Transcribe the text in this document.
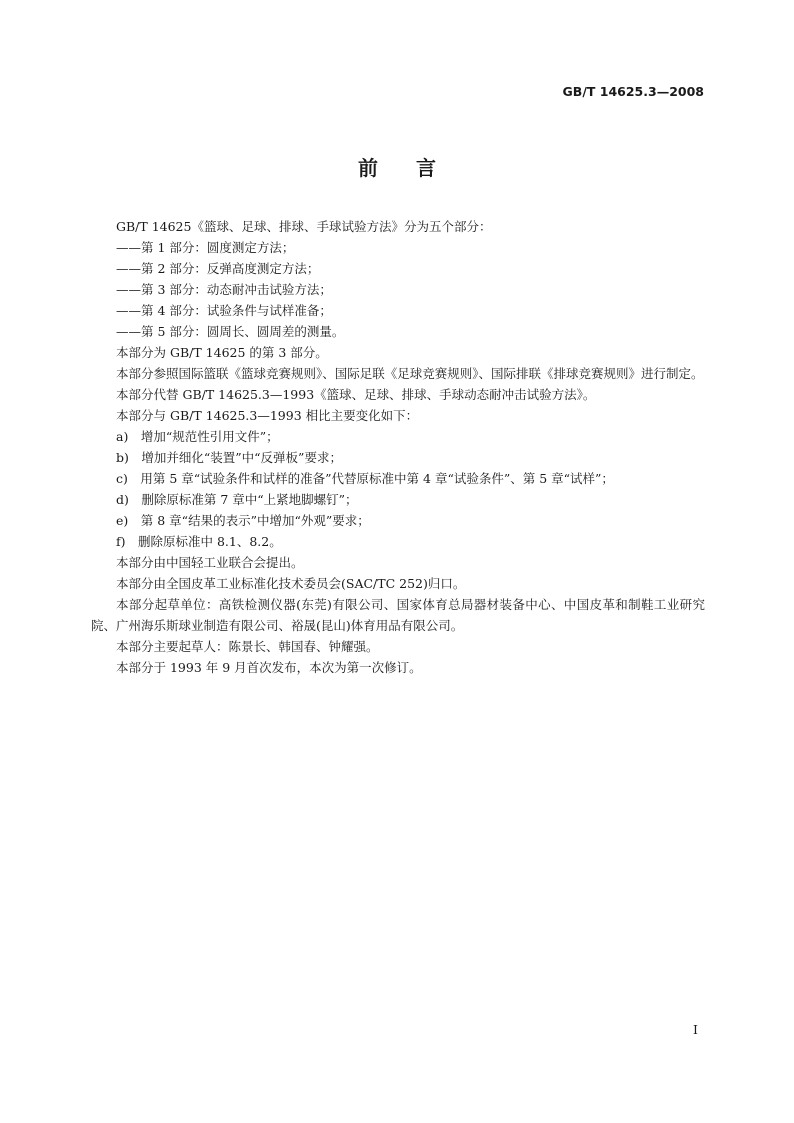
GB/T 14625.3—2008
前言

GB/T 14625《篮球、足球、排球、手球试验方法》分为五个部分：

——第 1 部分：圆度测定方法；

——第 2 部分：反弹高度测定方法；

——第 3 部分：动态耐冲击试验方法；

——第 4 部分：试验条件与试样准备；

——第 5 部分：圆周长、圆周差的测量。

本部分为 GB/T 14625 的第 3 部分。

本部分参照国际篮联《篮球竞赛规则》、国际足联《足球竞赛规则》、国际排联《排球竞赛规则》进行制定。

本部分代替 GB/T 14625.3—1993《篮球、足球、排球、手球动态耐冲击试验方法》。

本部分与 GB/T 14625.3—1993 相比主要变化如下：

a)　增加“规范性引用文件”；

b)　增加并细化“装置”中“反弹板”要求；

c)　用第 5 章“试验条件和试样的准备”代替原标准中第 4 章“试验条件”、第 5 章“试样”；

d)　删除原标准第 7 章中“上紧地脚螺钉”；

e)　第 8 章“结果的表示”中增加“外观”要求；

f)　删除原标准中 8.1、8.2。

本部分由中国轻工业联合会提出。

本部分由全国皮革工业标准化技术委员会(SAC/TC 252)归口。

本部分起草单位：高铁检测仪器(东莞)有限公司、国家体育总局器材装备中心、中国皮革和制鞋工业研究院、广州海乐斯球业制造有限公司、裕晟(昆山)体育用品有限公司。

本部分主要起草人：陈景长、韩国春、钟耀强。

本部分于 1993 年 9 月首次发布，本次为第一次修订。

I
